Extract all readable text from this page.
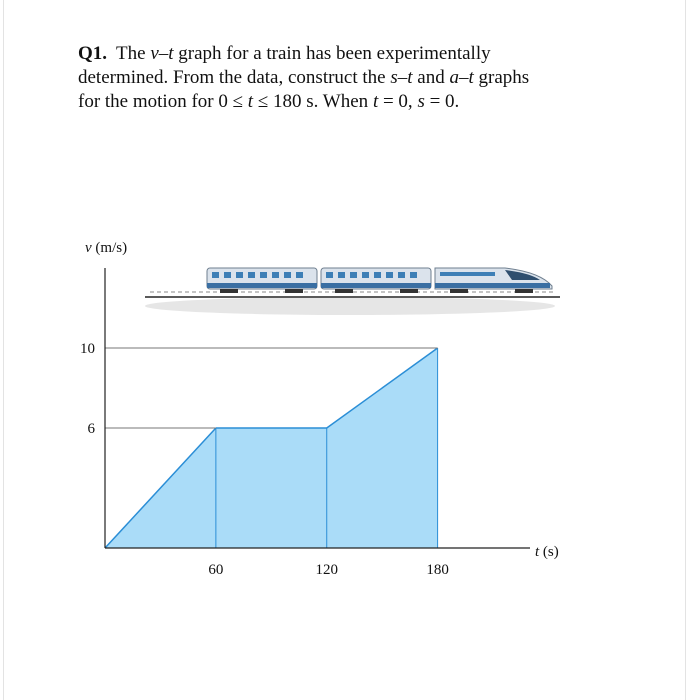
Q1. The v–t graph for a train has been experimentally
determined. From the data, construct the s–t and a–t graphs
for the motion for 0 ≤ t ≤ 180 s. When t = 0, s = 0.
60	120	180
6
10
v (m/s)
t (s)
